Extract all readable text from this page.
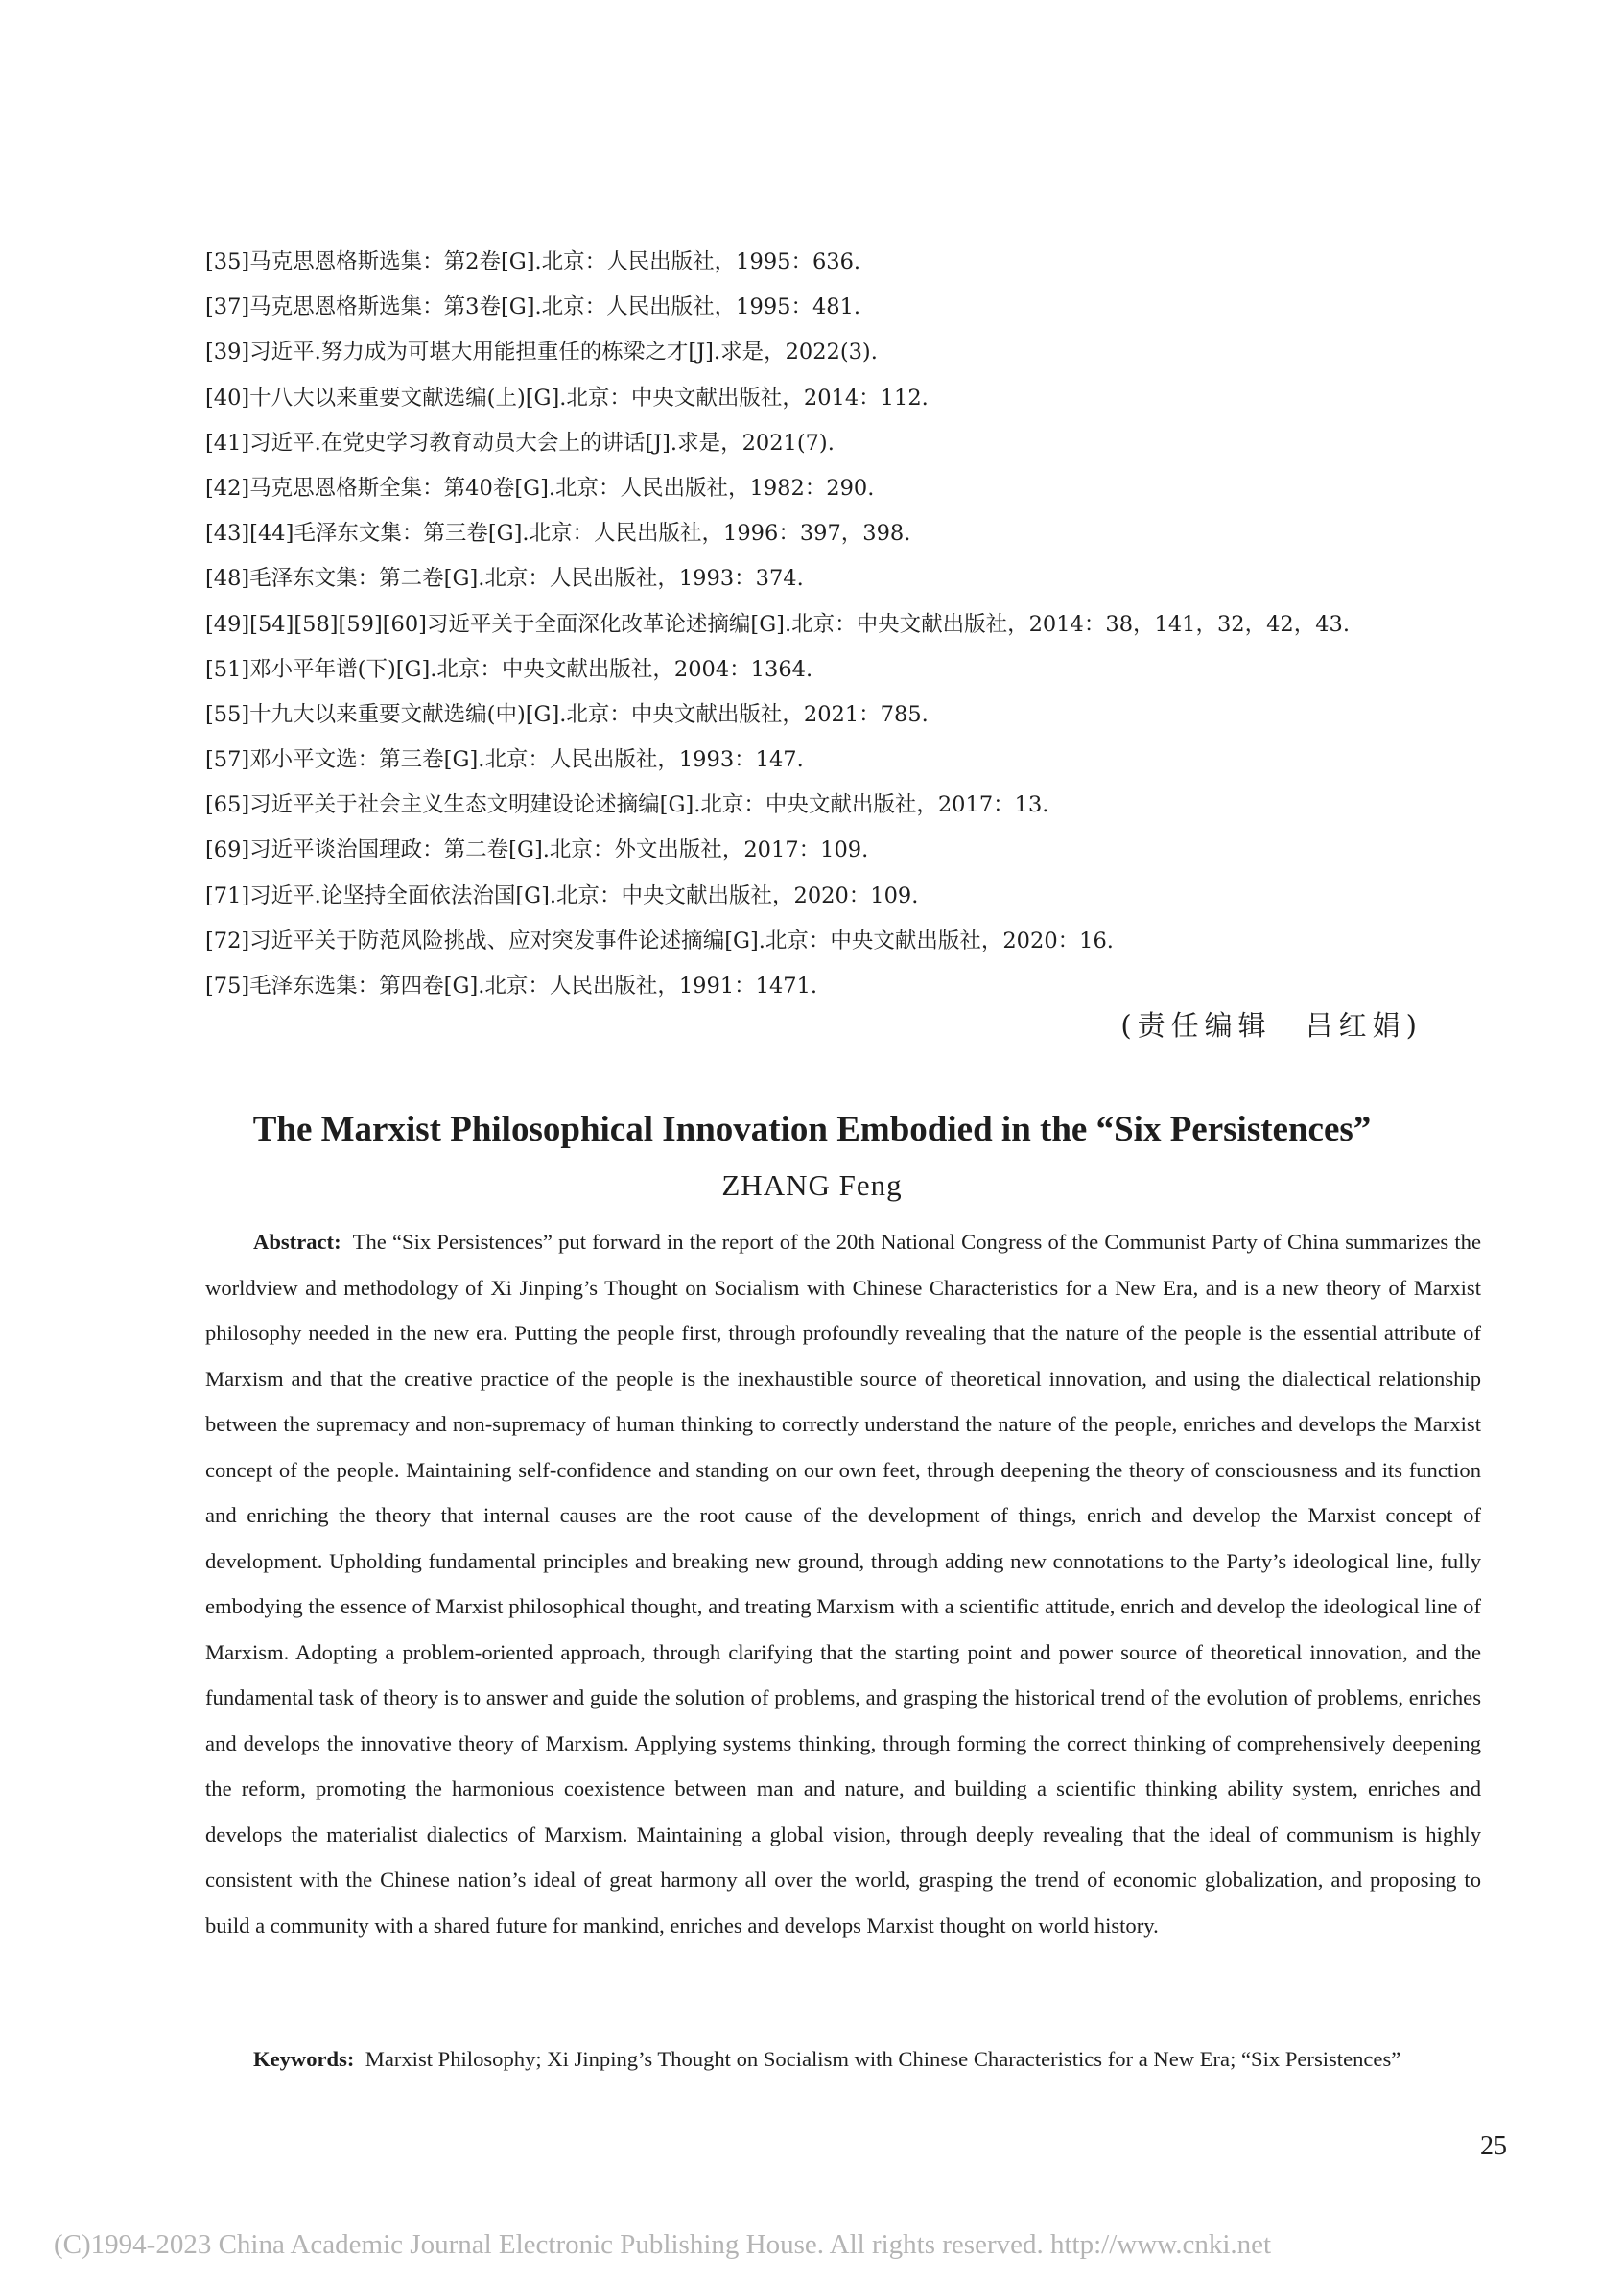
[35]马克思恩格斯选集：第2卷[G].北京：人民出版社，1995：636.
[37]马克思恩格斯选集：第3卷[G].北京：人民出版社，1995：481.
[39]习近平.努力成为可堪大用能担重任的栋梁之才[J].求是，2022(3).
[40]十八大以来重要文献选编(上)[G].北京：中央文献出版社，2014：112.
[41]习近平.在党史学习教育动员大会上的讲话[J].求是，2021(7).
[42]马克思恩格斯全集：第40卷[G].北京：人民出版社，1982：290.
[43][44]毛泽东文集：第三卷[G].北京：人民出版社，1996：397，398.
[48]毛泽东文集：第二卷[G].北京：人民出版社，1993：374.
[49][54][58][59][60]习近平关于全面深化改革论述摘编[G].北京：中央文献出版社，2014：38，141，32，42，43.
[51]邓小平年谱(下)[G].北京：中央文献出版社，2004：1364.
[55]十九大以来重要文献选编(中)[G].北京：中央文献出版社，2021：785.
[57]邓小平文选：第三卷[G].北京：人民出版社，1993：147.
[65]习近平关于社会主义生态文明建设论述摘编[G].北京：中央文献出版社，2017：13.
[69]习近平谈治国理政：第二卷[G].北京：外文出版社，2017：109.
[71]习近平.论坚持全面依法治国[G].北京：中央文献出版社，2020：109.
[72]习近平关于防范风险挑战、应对突发事件论述摘编[G].北京：中央文献出版社，2020：16.
[75]毛泽东选集：第四卷[G].北京：人民出版社，1991：1471.
(责任编辑　吕红娟)
The Marxist Philosophical Innovation Embodied in the “Six Persistences”
ZHANG Feng

Abstract: The “Six Persistences” put forward in the report of the 20th National Congress of the Communist Party of China summarizes the worldview and methodology of Xi Jinping’s Thought on Socialism with Chinese Characteristics for a New Era, and is a new theory of Marxist philosophy needed in the new era. Putting the people first, through profoundly revealing that the nature of the people is the essential attribute of Marxism and that the creative practice of the people is the inexhaustible source of theoretical innovation, and using the dialectical relationship between the supremacy and non-supremacy of human thinking to correctly understand the nature of the people, enriches and develops the Marxist concept of the people. Maintaining self-confidence and standing on our own feet, through deepening the theory of consciousness and its function and enriching the theory that internal causes are the root cause of the development of things, enrich and develop the Marxist concept of development. Upholding fundamental principles and breaking new ground, through adding new connotations to the Party’s ideological line, fully embodying the essence of Marxist philosophical thought, and treating Marxism with a scientific attitude, enrich and develop the ideological line of Marxism. Adopting a problem-oriented approach, through clarifying that the starting point and power source of theoretical innovation, and the fundamental task of theory is to answer and guide the solution of problems, and grasping the historical trend of the evolution of problems, enriches and develops the innovative theory of Marxism. Applying systems thinking, through forming the correct thinking of comprehensively deepening the reform, promoting the harmonious coexistence between man and nature, and building a scientific thinking ability system, enriches and develops the materialist dialectics of Marxism. Maintaining a global vision, through deeply revealing that the ideal of communism is highly consistent with the Chinese nation’s ideal of great harmony all over the world, grasping the trend of economic globalization, and proposing to build a community with a shared future for mankind, enriches and develops Marxist thought on world history.

Keywords: Marxist Philosophy; Xi Jinping’s Thought on Socialism with Chinese Characteristics for a New Era; “Six Persistences”

25
(C)1994-2023 China Academic Journal Electronic Publishing House. All rights reserved. http://www.cnki.net
